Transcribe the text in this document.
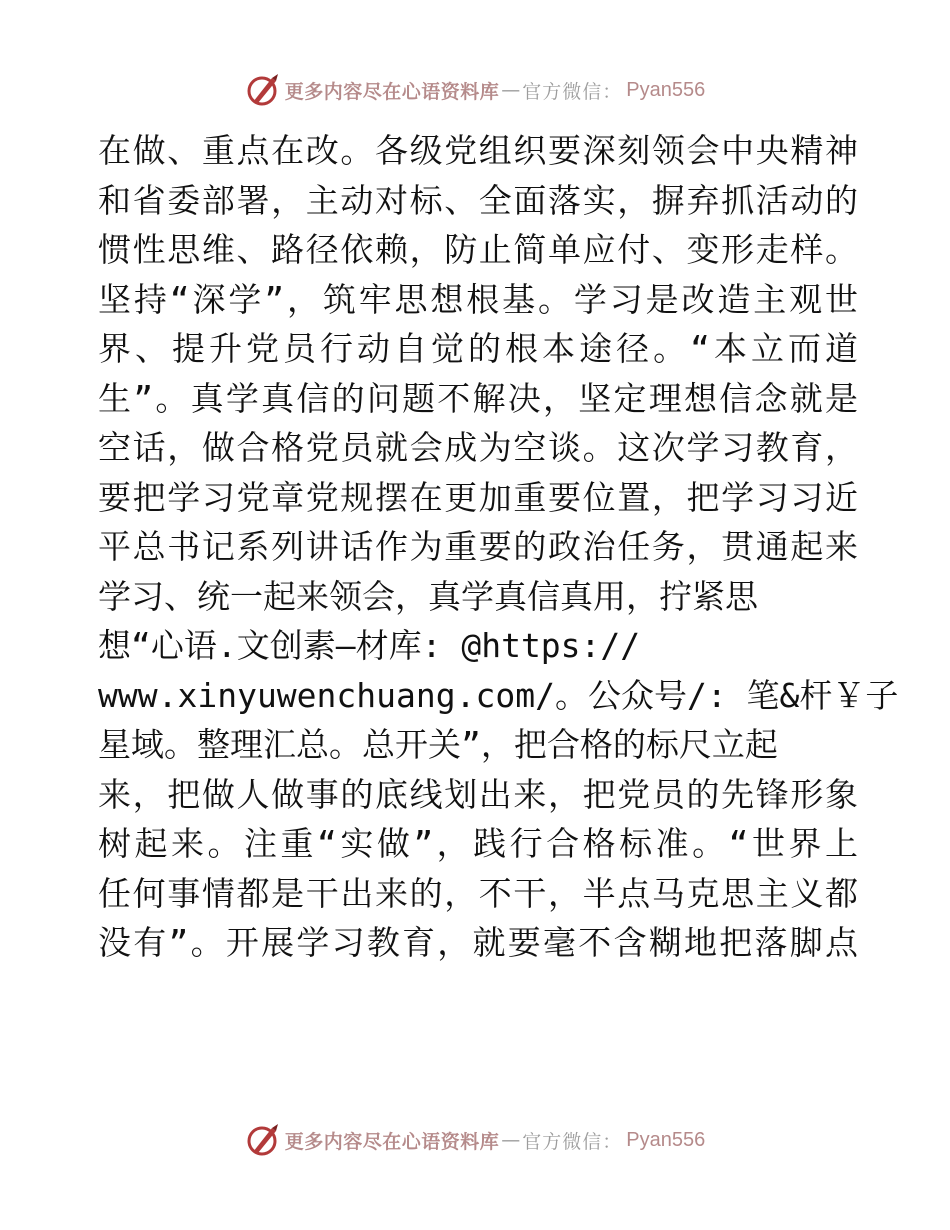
更多内容尽在心语资料库 — 官方微信： Pyan556
在做、重点在改。各级党组织要深刻领会中央精神
和省委部署，主动对标、全面落实，摒弃抓活动的
惯性思维、路径依赖，防止简单应付、变形走样。
坚持“深学”，筑牢思想根基。学习是改造主观世
界、提升党员行动自觉的根本途径。“本立而道
生”。真学真信的问题不解决，坚定理想信念就是
空话，做合格党员就会成为空谈。这次学习教育，
要把学习党章党规摆在更加重要位置，把学习习近
平总书记系列讲话作为重要的政治任务，贯通起来
学习、统一起来领会，真学真信真用，拧紧思
想“心语.文创素—材库: @https://
www.xinyuwenchuang.com/。公众号/: 笔&杆￥子
星域。整理汇总。总开关”，把合格的标尺立起
来，把做人做事的底线划出来，把党员的先锋形象
树起来。注重“实做”，践行合格标准。“世界上
任何事情都是干出来的，不干，半点马克思主义都
没有”。开展学习教育，就要毫不含糊地把落脚点
更多内容尽在心语资料库 — 官方微信： Pyan556
